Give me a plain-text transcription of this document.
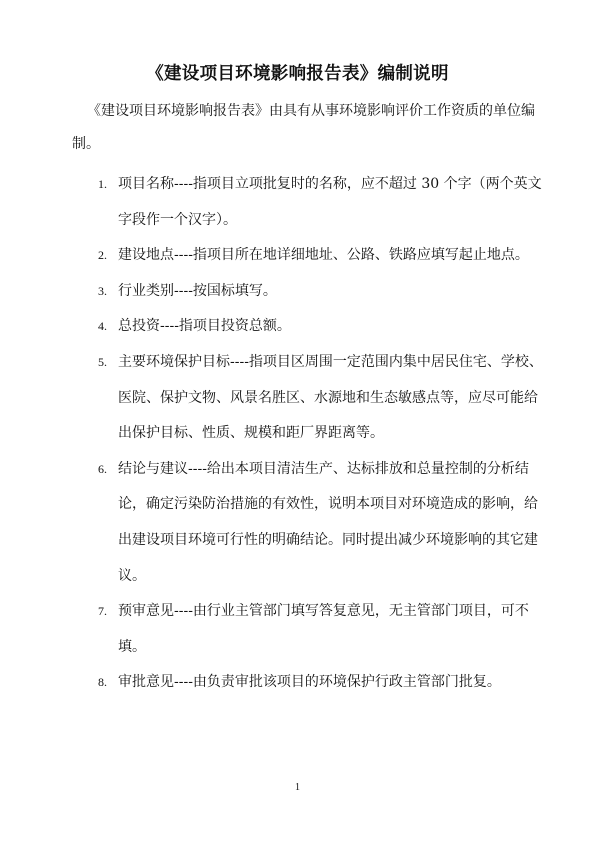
《建设项目环境影响报告表》编制说明
《建设项目环境影响报告表》由具有从事环境影响评价工作资质的单位编制。
1. 项目名称----指项目立项批复时的名称，应不超过 30 个字（两个英文字段作一个汉字）。
2. 建设地点----指项目所在地详细地址、公路、铁路应填写起止地点。
3. 行业类别----按国标填写。
4. 总投资----指项目投资总额。
5. 主要环境保护目标----指项目区周围一定范围内集中居民住宅、学校、医院、保护文物、风景名胜区、水源地和生态敏感点等，应尽可能给出保护目标、性质、规模和距厂界距离等。
6. 结论与建议----给出本项目清洁生产、达标排放和总量控制的分析结论，确定污染防治措施的有效性，说明本项目对环境造成的影响，给出建设项目环境可行性的明确结论。同时提出减少环境影响的其它建议。
7. 预审意见----由行业主管部门填写答复意见，无主管部门项目，可不填。
8. 审批意见----由负责审批该项目的环境保护行政主管部门批复。
1
